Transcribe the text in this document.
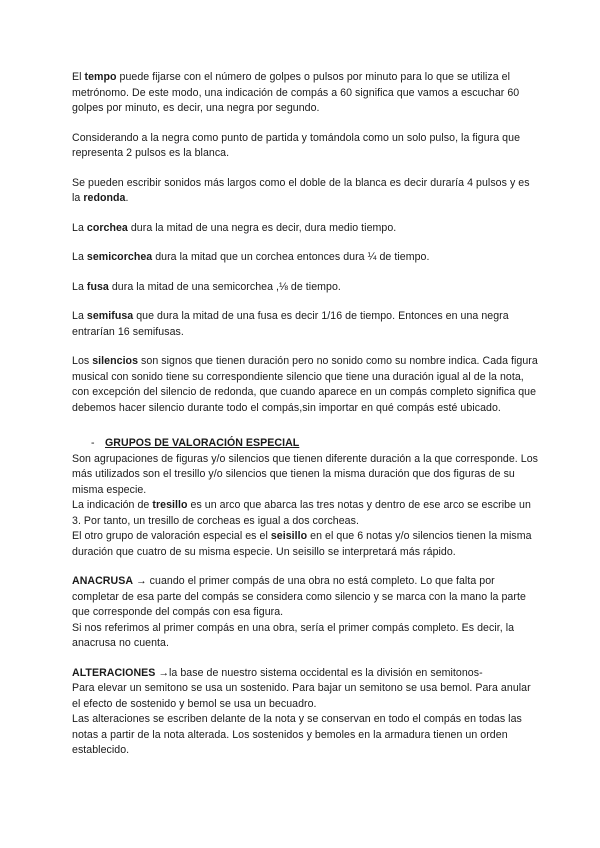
El tempo puede fijarse con el número de golpes o pulsos por minuto para lo que se utiliza el metrónomo. De este modo, una indicación de compás a 60 significa que vamos a escuchar 60 golpes por minuto, es decir, una negra por segundo.

Considerando a la negra como punto de partida y tomándola como un solo pulso, la figura que representa 2 pulsos es la blanca.

Se pueden escribir sonidos más largos como el doble de la blanca es decir duraría 4 pulsos y es la redonda.

La corchea dura la mitad de una negra es decir, dura medio tiempo.

La semicorchea dura la mitad que un corchea entonces dura ¼ de tiempo.

La fusa dura la mitad de una semicorchea ,⅛ de tiempo.

La semifusa que dura la mitad de una fusa es decir 1/16 de tiempo. Entonces en una negra entrarían 16 semifusas.

Los silencios son signos que tienen duración pero no sonido como su nombre indica. Cada figura musical con sonido tiene su correspondiente silencio que tiene una duración igual al de la nota, con excepción del silencio de redonda, que cuando aparece en un compás completo significa que debemos hacer silencio durante todo el compás,sin importar en qué compás esté ubicado.

- GRUPOS DE VALORACIÓN ESPECIAL

Son agrupaciones de figuras y/o silencios que tienen diferente duración a la que corresponde. Los más utilizados son el tresillo y/o silencios que tienen la misma duración que dos figuras de su misma especie.

La indicación de tresillo es un arco que abarca las tres notas y dentro de ese arco se escribe un 3. Por tanto, un tresillo de corcheas es igual a dos corcheas.

El otro grupo de valoración especial es el seisillo en el que 6 notas y/o silencios tienen la misma duración que cuatro de su misma especie. Un seisillo se interpretará más rápido.

ANACRUSA → cuando el primer compás de una obra no está completo. Lo que falta por completar de esa parte del compás se considera como silencio y se marca con la mano la parte que corresponde del compás con esa figura.

Si nos referimos al primer compás en una obra, sería el primer compás completo. Es decir, la anacrusa no cuenta.

ALTERACIONES →la base de nuestro sistema occidental es la división en semitonos-

Para elevar un semitono se usa un sostenido. Para bajar un semitono se usa bemol. Para anular el efecto de sostenido y bemol se usa un becuadro.

Las alteraciones se escriben delante de la nota y se conservan en todo el compás en todas las notas a partir de la nota alterada. Los sostenidos y bemoles en la armadura tienen un orden establecido.
